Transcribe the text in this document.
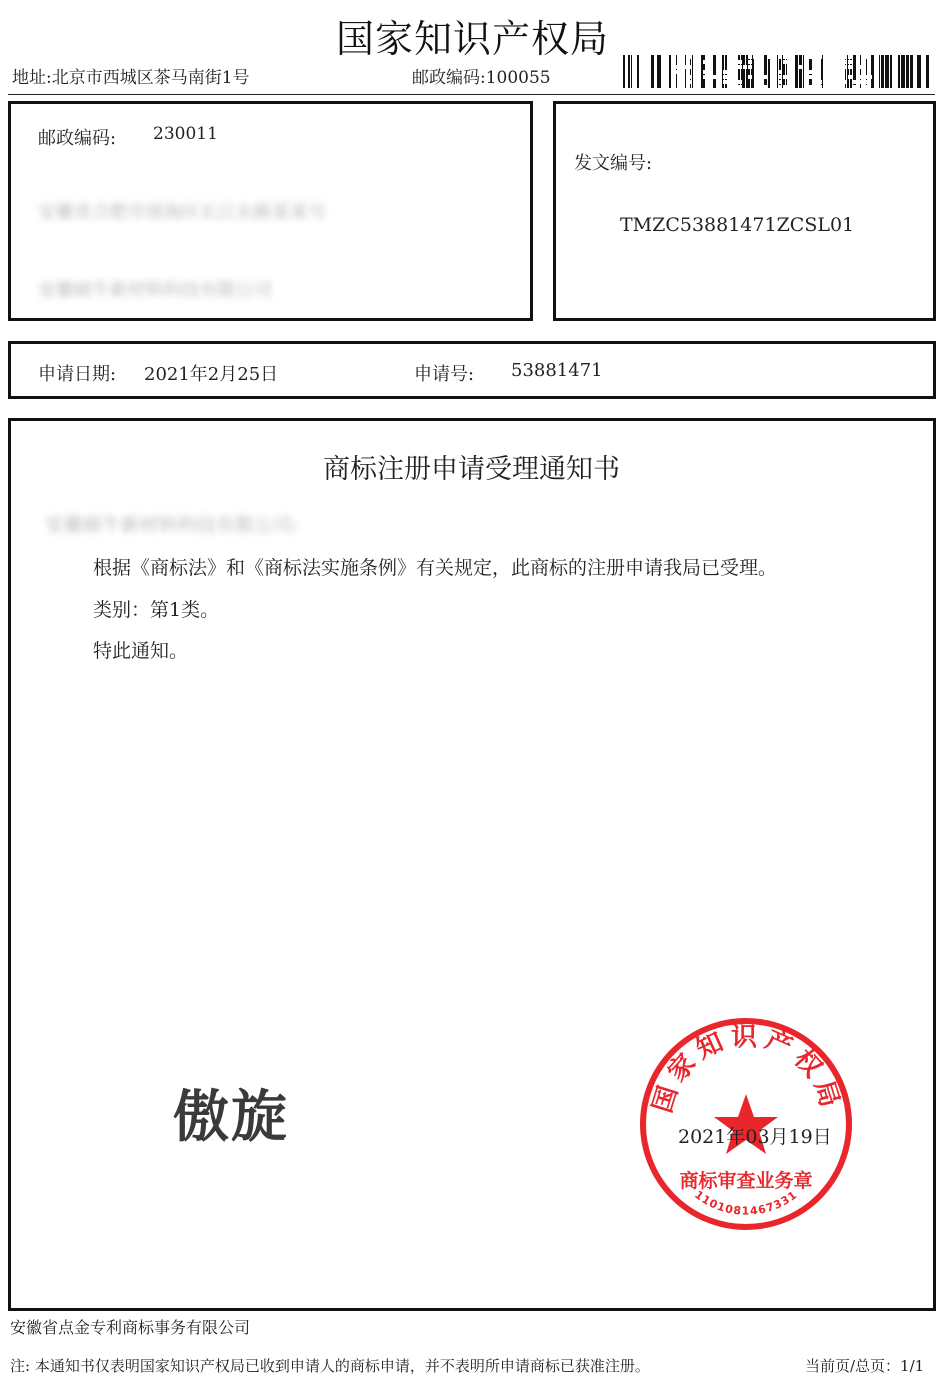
国家知识产权局
地址:北京市西城区茶马南街1号	邮政编码:100055
邮政编码: 230011
安徽省合肥市瑶海区长江东路某某号
安徽硕牛新材料科技有限公司
发文编号:
TMZC53881471ZCSL01
申请日期: 2021年2月25日	申请号: 53881471
商标注册申请受理通知书
安徽硕牛新材料科技有限公司:
根据《商标法》和《商标法实施条例》有关规定，此商标的注册申请我局已受理。
类别：第1类。
特此通知。
傲旋	国家知识产权局
商标审查业务章
1101081467331
2021年03月19日
安徽省点金专利商标事务有限公司
注: 本通知书仅表明国家知识产权局已收到申请人的商标申请，并不表明所申请商标已获准注册。	当前页/总页：1/1
